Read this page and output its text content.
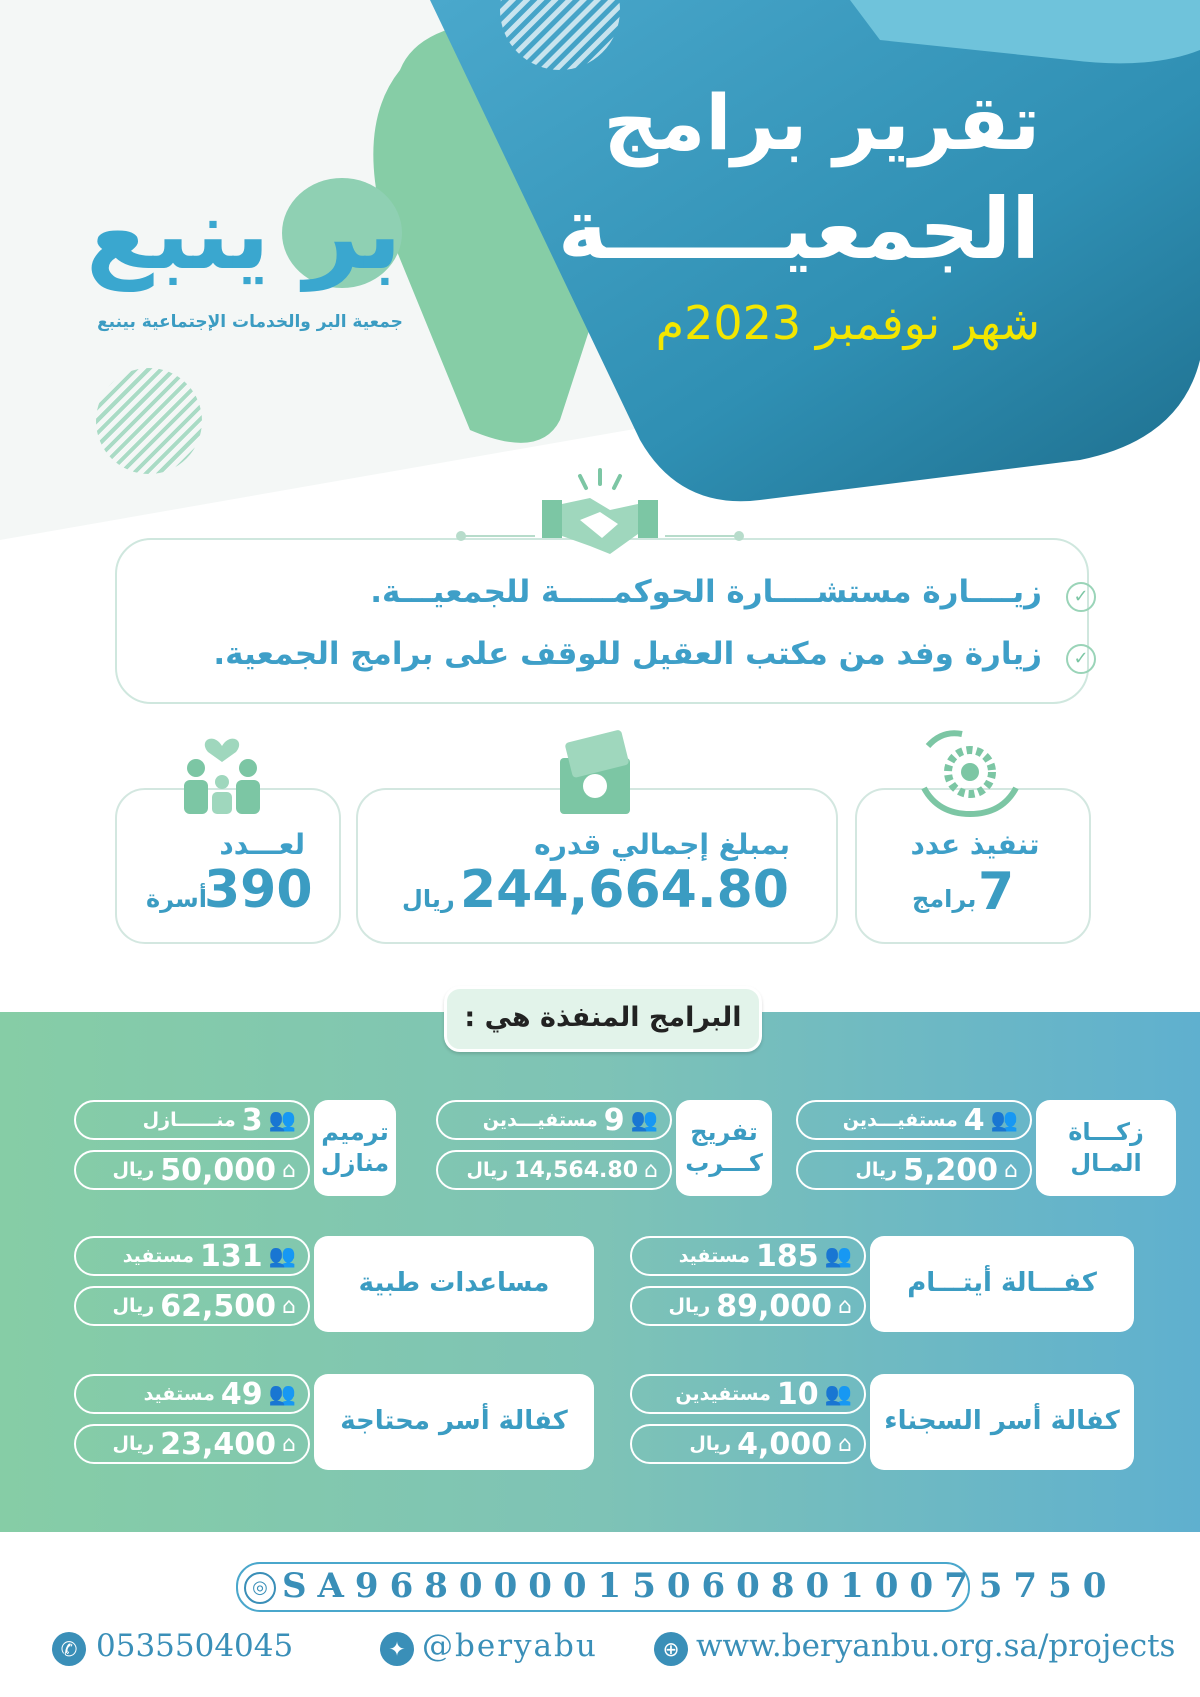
تقرير برامج
الجمعيــــــة
شهر نوفمبر 2023م
بر ينبع
جمعية البر والخدمات الإجتماعية بينبع
✓
زيــــارة مستشــــارة الحوكمـــــة للجمعيـــة.
✓
زيارة وفد من مكتب العقيل للوقف على برامج الجمعية.
تنفيذ عدد
7
برامج
بمبلغ إجمالي قدره
244,664.80
ريال
لعـــدد
390
أسرة
البرامج المنفذة هي :
مستفيـــدين 4 👥
ريال 5,200 ⌂
زكـــاة المـال
مستفيـــدين 9 👥
ريال 14,564.80 ⌂
تفريج كـــرب
منــــــازل 3 👥
ريال 50,000 ⌂
ترميم منازل
مستفيد 185 👥
ريال 89,000 ⌂
كفـــالة أيتـــام
مستفيد 131 👥
ريال 62,500 ⌂
مساعدات طبية
مستفيدين 10 👥
ريال 4,000 ⌂
كفالة أسر السجناء
مستفيد 49 👥
ريال 23,400 ⌂
كفالة أسر محتاجة
◎ SA9680000150608010075750
✆ 0535504045	✦ @beryabu	⊕ www.beryanbu.org.sa/projects
